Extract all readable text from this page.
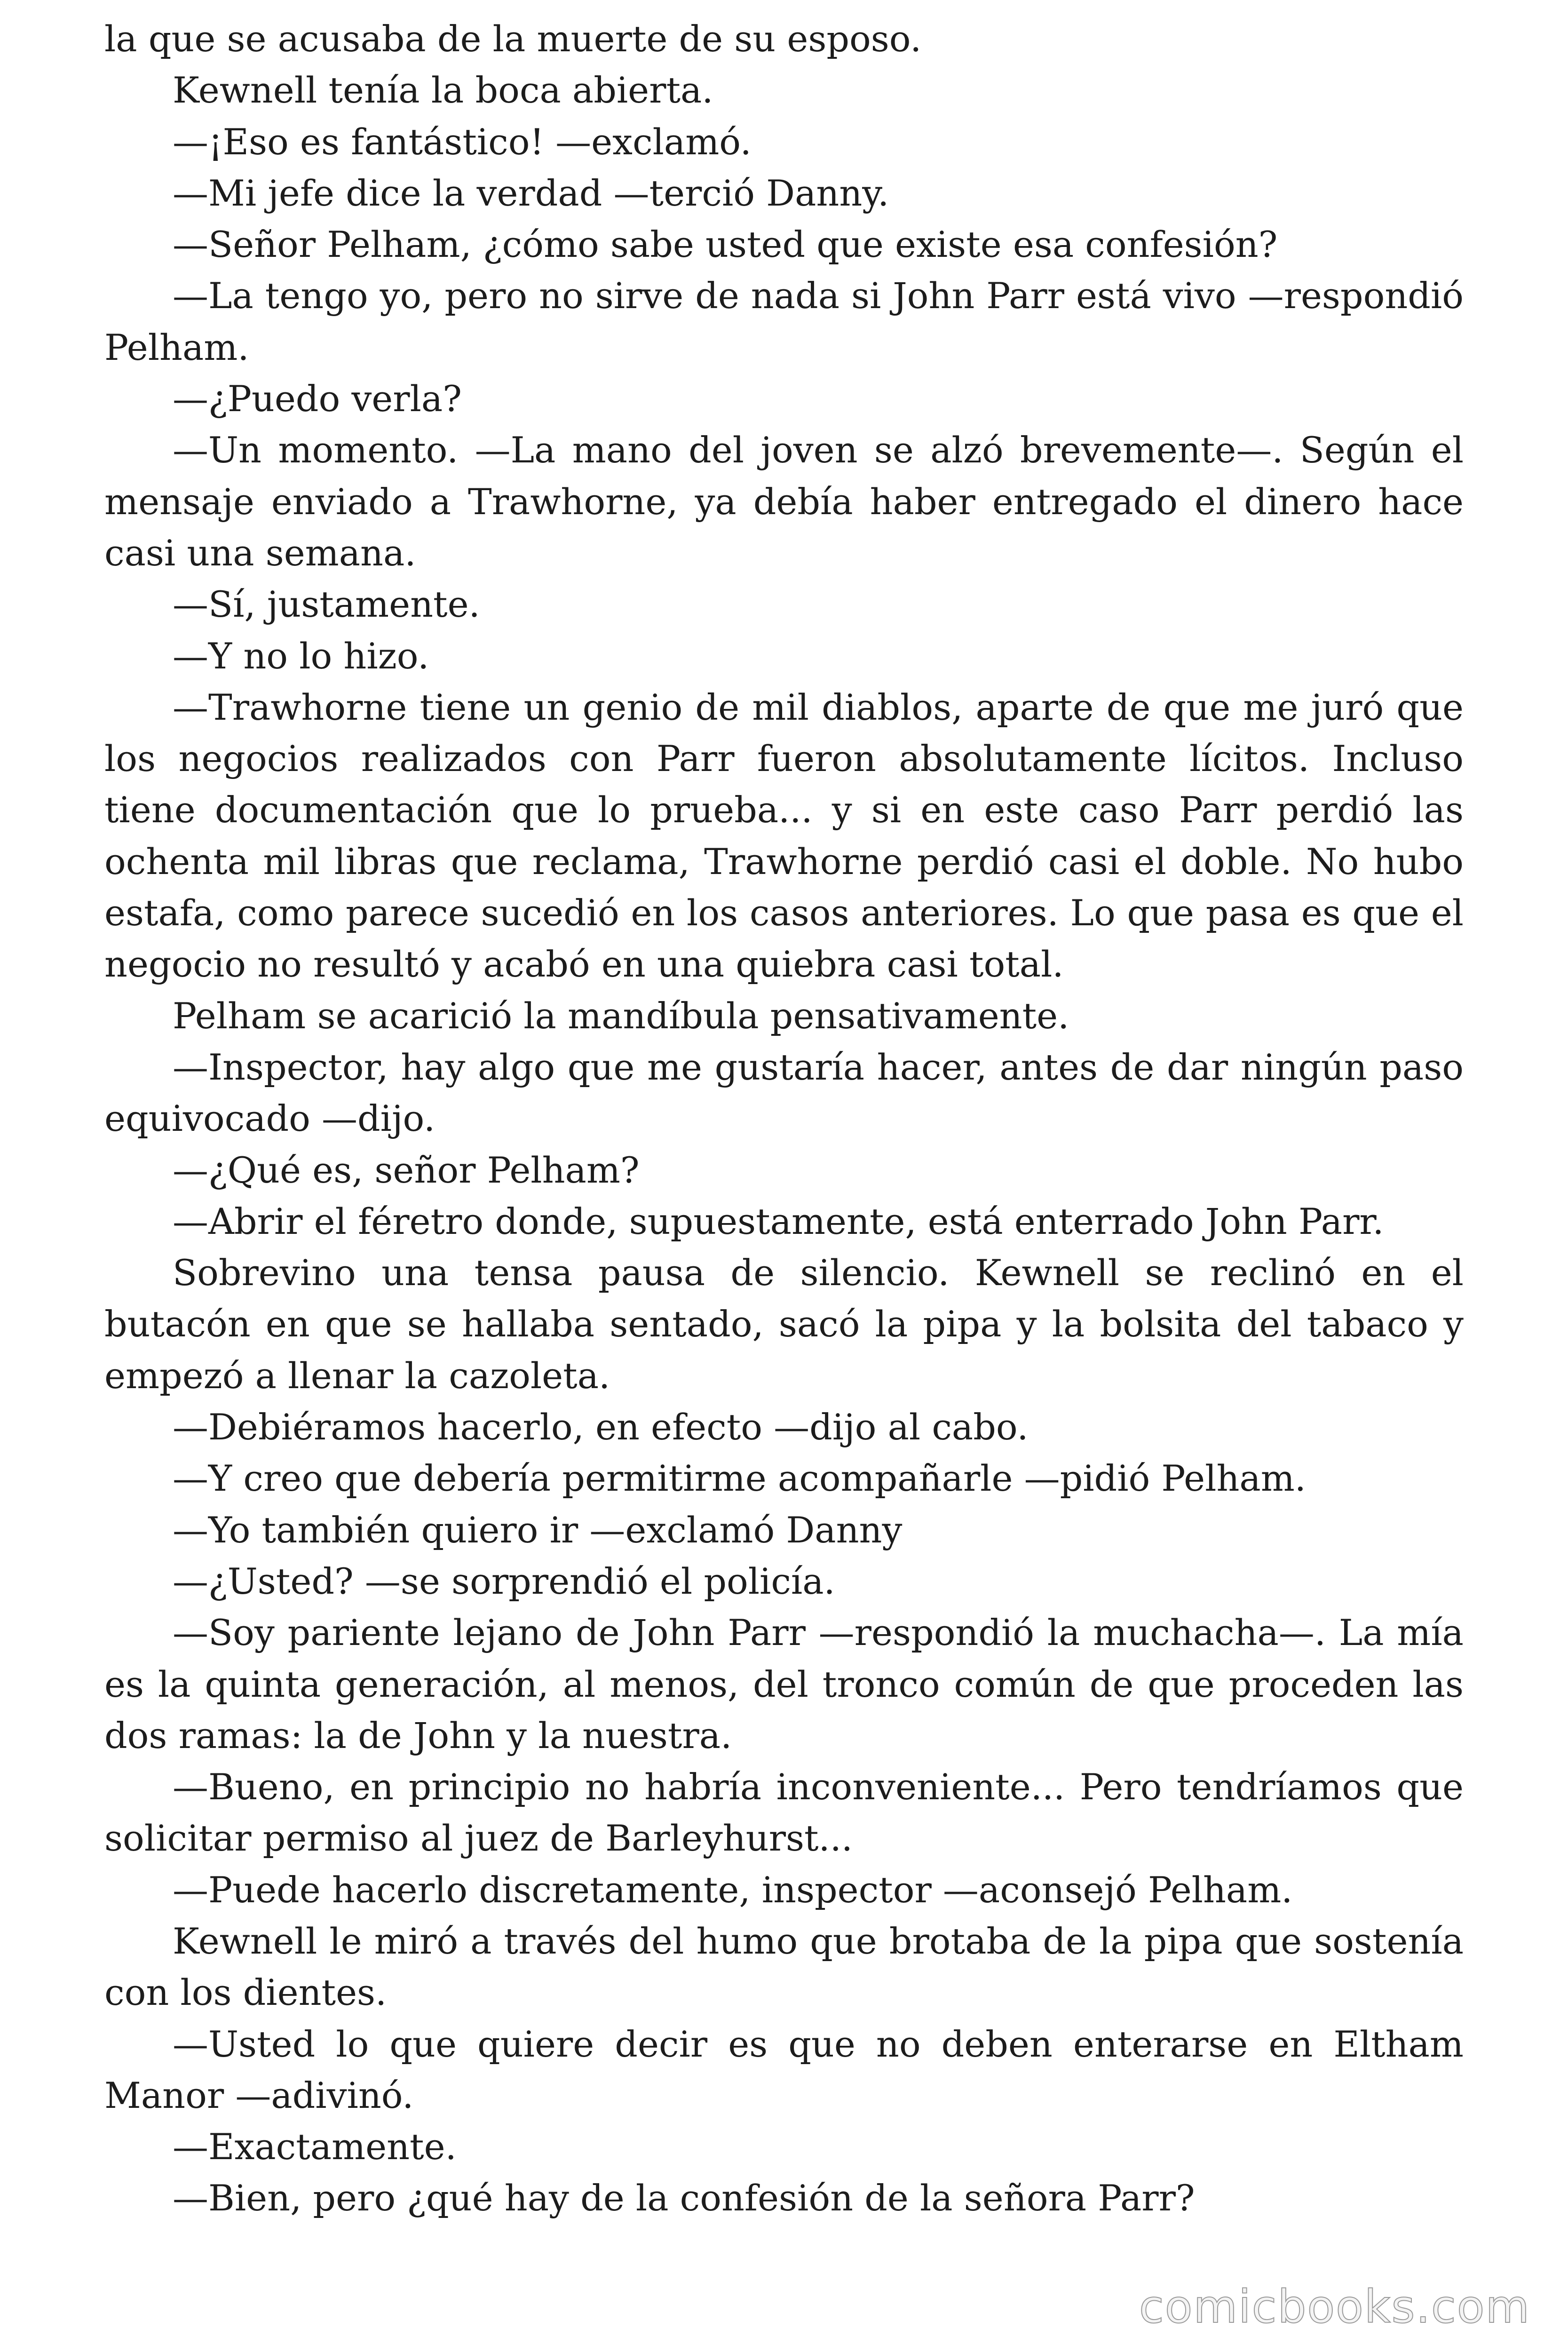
la que se acusaba de la muerte de su esposo.

Kewnell tenía la boca abierta.

—¡Eso es fantástico! —exclamó.

—Mi jefe dice la verdad —terció Danny.

—Señor Pelham, ¿cómo sabe usted que existe esa confesión?

—La tengo yo, pero no sirve de nada si John Parr está vivo —respondió Pelham.

—¿Puedo verla?

—Un momento. —La mano del joven se alzó brevemente—. Según el mensaje enviado a Trawhorne, ya debía haber entregado el dinero hace casi una semana.

—Sí, justamente.

—Y no lo hizo.

—Trawhorne tiene un genio de mil diablos, aparte de que me juró que los negocios realizados con Parr fueron absolutamente lícitos. Incluso tiene documentación que lo prueba... y si en este caso Parr perdió las ochenta mil libras que reclama, Trawhorne perdió casi el doble. No hubo estafa, como parece sucedió en los casos anteriores. Lo que pasa es que el negocio no resultó y acabó en una quiebra casi total.

Pelham se acarició la mandíbula pensativamente.

—Inspector, hay algo que me gustaría hacer, antes de dar ningún paso equivocado —dijo.

—¿Qué es, señor Pelham?

—Abrir el féretro donde, supuestamente, está enterrado John Parr.

Sobrevino una tensa pausa de silencio. Kewnell se reclinó en el butacón en que se hallaba sentado, sacó la pipa y la bolsita del tabaco y empezó a llenar la cazoleta.

—Debiéramos hacerlo, en efecto —dijo al cabo.

—Y creo que debería permitirme acompañarle —pidió Pelham.

—Yo también quiero ir —exclamó Danny

—¿Usted? —se sorprendió el policía.

—Soy pariente lejano de John Parr —respondió la muchacha—. La mía es la quinta generación, al menos, del tronco común de que proceden las dos ramas: la de John y la nuestra.

—Bueno, en principio no habría inconveniente... Pero tendríamos que solicitar permiso al juez de Barleyhurst...

—Puede hacerlo discretamente, inspector —aconsejó Pelham.

Kewnell le miró a través del humo que brotaba de la pipa que sostenía con los dientes.

—Usted lo que quiere decir es que no deben enterarse en Eltham Manor —adivinó.

—Exactamente.

—Bien, pero ¿qué hay de la confesión de la señora Parr?

comicbooks.com
